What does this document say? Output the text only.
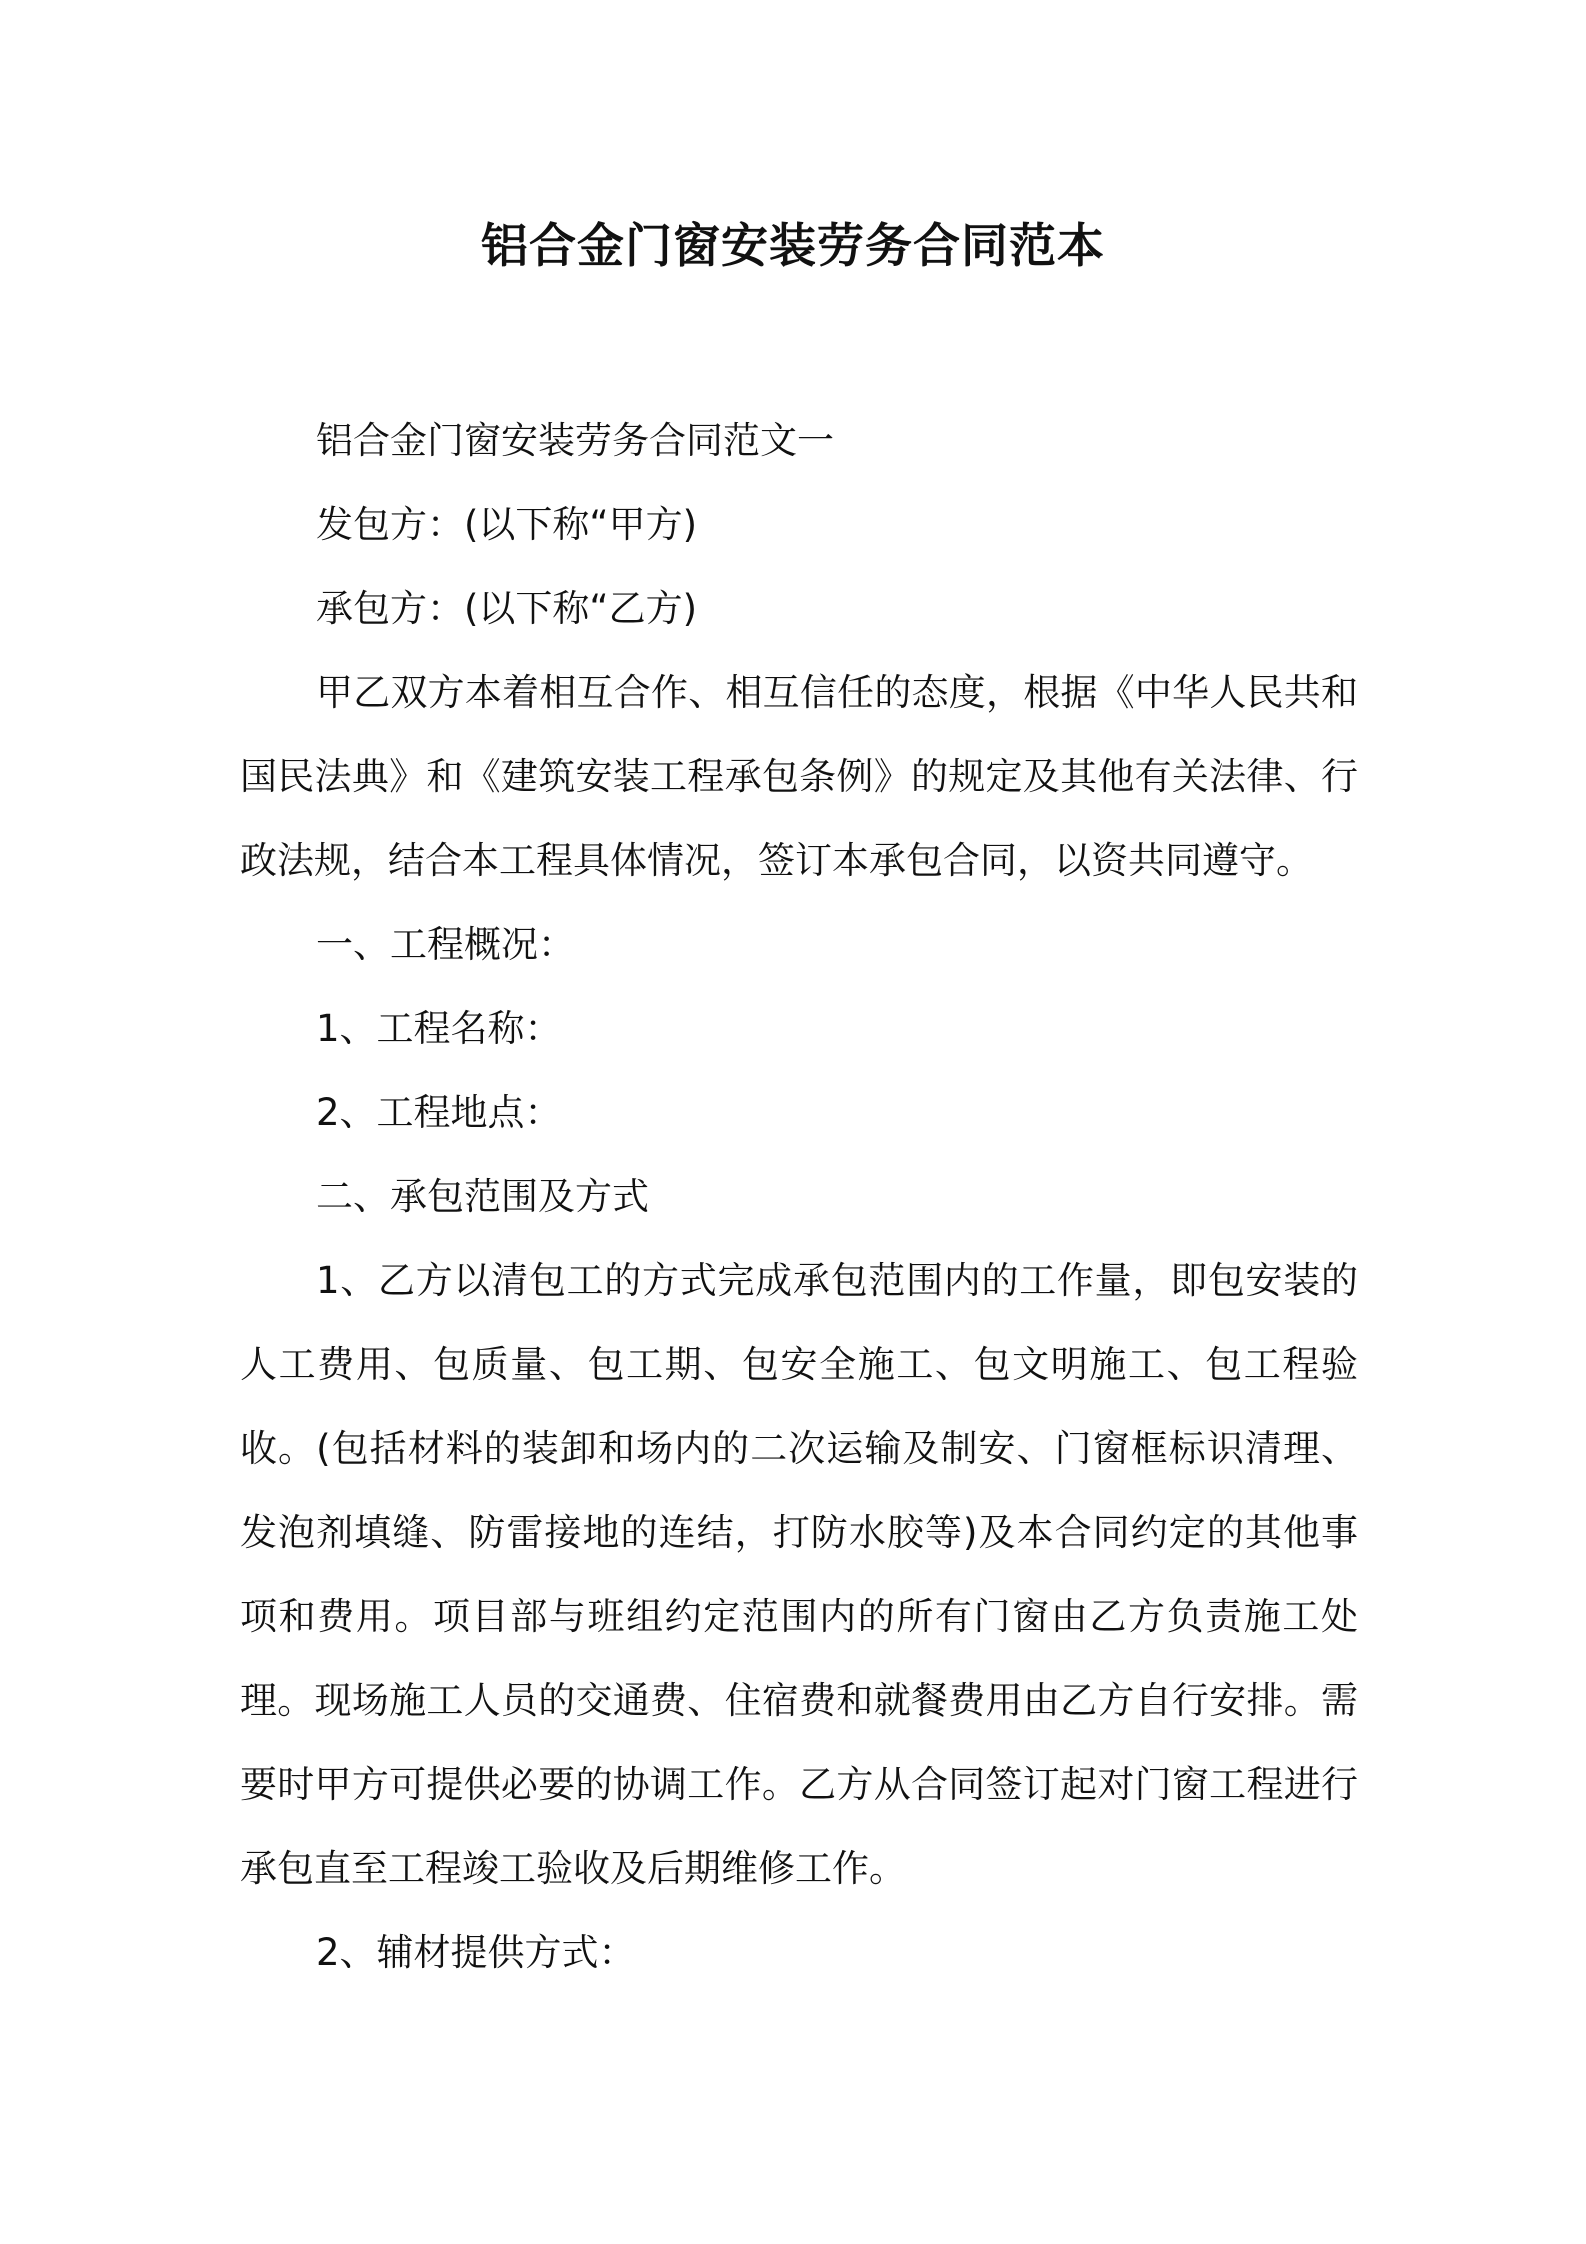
铝合金门窗安装劳务合同范本

铝合金门窗安装劳务合同范文一

发包方：(以下称“甲方)

承包方：(以下称“乙方)

甲乙双方本着相互合作、相互信任的态度，根据《中华人民共和国民法典》和《建筑安装工程承包条例》的规定及其他有关法律、行政法规，结合本工程具体情况，签订本承包合同，以资共同遵守。

一、工程概况：

1、工程名称：

2、工程地点：

二、承包范围及方式

1、乙方以清包工的方式完成承包范围内的工作量，即包安装的人工费用、包质量、包工期、包安全施工、包文明施工、包工程验收。(包括材料的装卸和场内的二次运输及制安、门窗框标识清理、发泡剂填缝、防雷接地的连结，打防水胶等)及本合同约定的其他事项和费用。项目部与班组约定范围内的所有门窗由乙方负责施工处理。现场施工人员的交通费、住宿费和就餐费用由乙方自行安排。需要时甲方可提供必要的协调工作。乙方从合同签订起对门窗工程进行承包直至工程竣工验收及后期维修工作。

2、辅材提供方式：
